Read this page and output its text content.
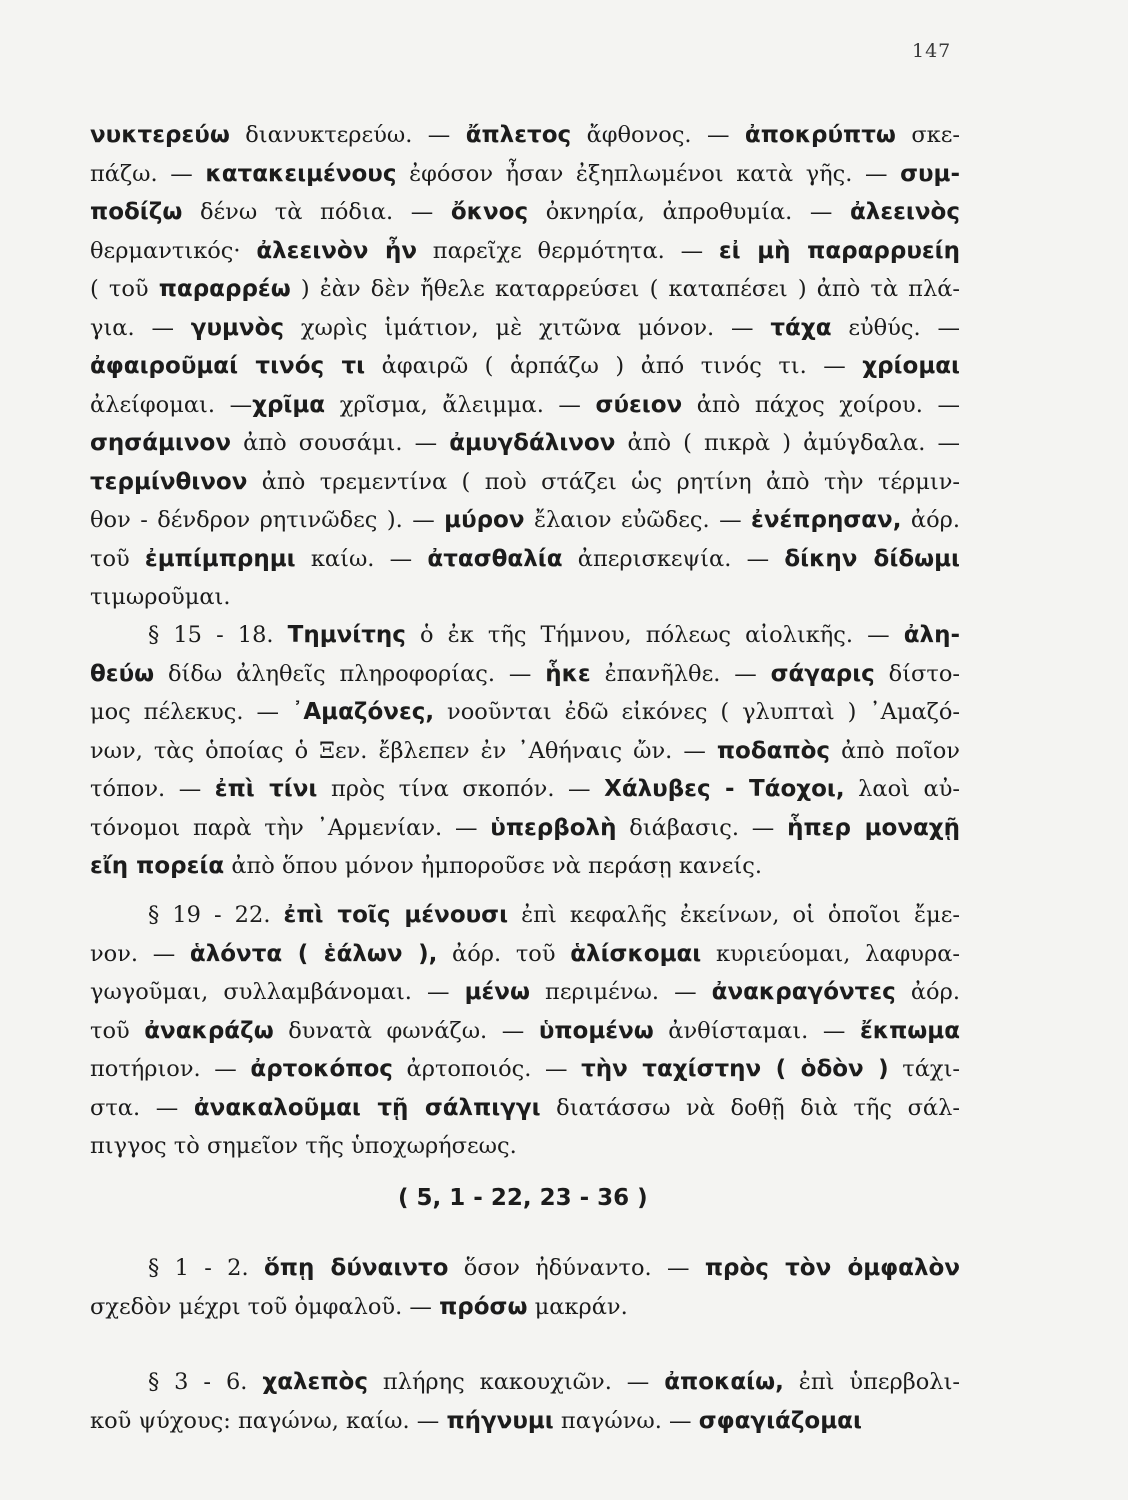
147
νυκτερεύω διανυκτερεύω. — ἄπλετος ἄφθονος. — ἀποκρύπτω σκε-
πάζω. — κατακειμένους ἐφόσον ἦσαν ἐξηπλωμένοι κατὰ γῆς. — συμ-
ποδίζω δένω τὰ πόδια. — ὄκνος ὀκνηρία, ἀπροθυμία. — ἀλεεινὸς
θερμαντικός· ἀλεεινὸν ἦν παρεῖχε θερμότητα. — εἰ μὴ παραρρυείη
( τοῦ παραρρέω ) ἐὰν δὲν ἤθελε καταρρεύσει ( καταπέσει ) ἀπὸ τὰ πλά-
για. — γυμνὸς χωρὶς ἱμάτιον, μὲ χιτῶνα μόνον. — τάχα εὐθύς. —
ἀφαιροῦμαί τινός τι ἀφαιρῶ ( ἁρπάζω ) ἀπό τινός τι. — χρίομαι
ἀλείφομαι. —χρῖμα χρῖσμα, ἄλειμμα. — σύειον ἀπὸ πάχος χοίρου. —
σησάμινον ἀπὸ σουσάμι. — ἀμυγδάλινον ἀπὸ ( πικρὰ ) ἀμύγδαλα. —
τερμίνθινον ἀπὸ τρεμεντίνα ( ποὺ στάζει ὡς ρητίνη ἀπὸ τὴν τέρμιν-
θον - δένδρον ρητινῶδες ). — μύρον ἔλαιον εὐῶδες. — ἐνέπρησαν, ἀόρ.
τοῦ ἐμπίμπρημι καίω. — ἀτασθαλία ἀπερισκεψία. — δίκην δίδωμι
τιμωροῦμαι.
§ 15 - 18. Τημνίτης ὁ ἐκ τῆς Τήμνου, πόλεως αἰολικῆς. — ἀλη-
θεύω δίδω ἀληθεῖς πληροφορίας. — ἧκε ἐπανῆλθε. — σάγαρις δίστο-
μος πέλεκυς. — ᾿Αμαζόνες, νοοῦνται ἐδῶ εἰκόνες ( γλυπταὶ ) ᾿Αμαζό-
νων, τὰς ὁποίας ὁ Ξεν. ἔβλεπεν ἐν ᾿Αθήναις ὤν. — ποδαπὸς ἀπὸ ποῖον
τόπον. — ἐπὶ τίνι πρὸς τίνα σκοπόν. — Χάλυβες - Τάοχοι, λαοὶ αὐ-
τόνομοι παρὰ τὴν ᾿Αρμενίαν. — ὑπερβολὴ διάβασις. — ἧπερ μοναχῇ
εἴη πορεία ἀπὸ ὅπου μόνον ἠμποροῦσε νὰ περάσῃ κανείς.
§ 19 - 22. ἐπὶ τοῖς μένουσι ἐπὶ κεφαλῆς ἐκείνων, οἱ ὁποῖοι ἔμε-
νον. — ἁλόντα ( ἑάλων ), ἀόρ. τοῦ ἁλίσκομαι κυριεύομαι, λαφυρα-
γωγοῦμαι, συλλαμβάνομαι. — μένω περιμένω. — ἀνακραγόντες ἀόρ.
τοῦ ἀνακράζω δυνατὰ φωνάζω. — ὑπομένω ἀνθίσταμαι. — ἔκπωμα
ποτήριον. — ἀρτοκόπος ἀρτοποιός. — τὴν ταχίστην ( ὁδὸν ) τάχι-
στα. — ἀνακαλοῦμαι τῇ σάλπιγγι διατάσσω νὰ δοθῇ διὰ τῆς σάλ-
πιγγος τὸ σημεῖον τῆς ὑποχωρήσεως.
( 5, 1 - 22, 23 - 36 )
§ 1 - 2. ὅπῃ δύναιντο ὅσον ἠδύναντο. — πρὸς τὸν ὀμφαλὸν
σχεδὸν μέχρι τοῦ ὀμφαλοῦ. — πρόσω μακράν.
§ 3 - 6. χαλεπὸς πλήρης κακουχιῶν. — ἀποκαίω, ἐπὶ ὑπερβολι-
κοῦ ψύχους: παγώνω, καίω. — πήγνυμι παγώνω. — σφαγιάζομαι
